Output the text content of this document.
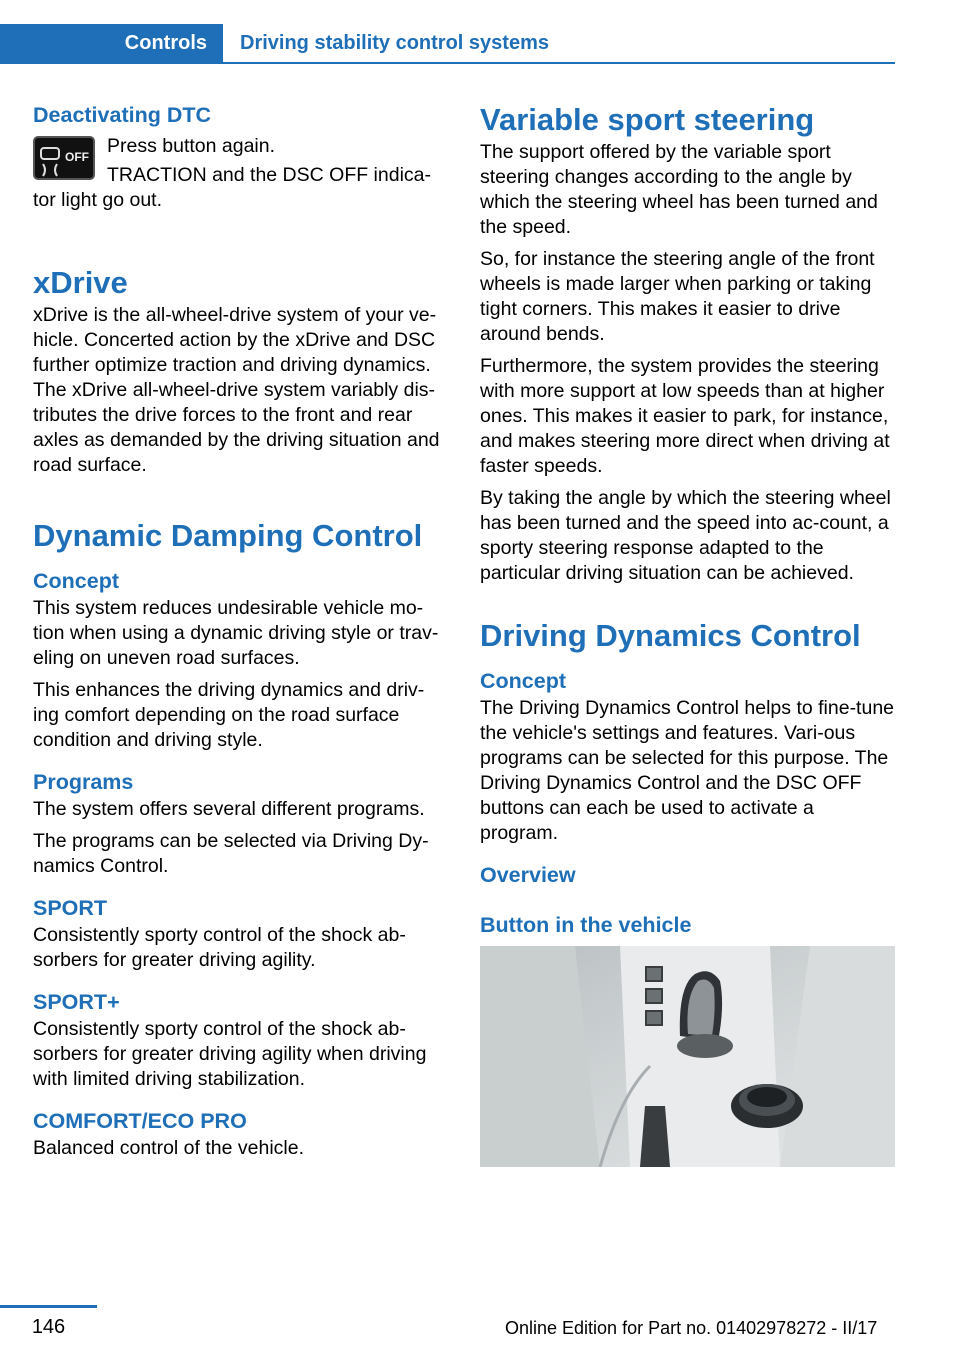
Controls	Driving stability control systems
Deactivating DTC
OFF Press button again.

TRACTION and the DSC OFF indica‐tor light go out.

xDrive

xDrive is the all-wheel-drive system of your ve‐hicle. Concerted action by the xDrive and DSC further optimize traction and driving dynamics. The xDrive all-wheel-drive system variably dis‐tributes the drive forces to the front and rear axles as demanded by the driving situation and road surface.

Dynamic Damping Control
Concept

This system reduces undesirable vehicle mo‐tion when using a dynamic driving style or trav‐eling on uneven road surfaces.

This enhances the driving dynamics and driv‐ing comfort depending on the road surface condition and driving style.

Programs

The system offers several different programs.

The programs can be selected via Driving Dy‐namics Control.

SPORT

Consistently sporty control of the shock ab‐sorbers for greater driving agility.

SPORT+

Consistently sporty control of the shock ab‐sorbers for greater driving agility when driving with limited driving stabilization.

COMFORT/ECO PRO

Balanced control of the vehicle.

Variable sport steering

The support offered by the variable sport steering changes according to the angle by which the steering wheel has been turned and the speed.

So, for instance the steering angle of the front wheels is made larger when parking or taking tight corners. This makes it easier to drive around bends.

Furthermore, the system provides the steering with more support at low speeds than at higher ones. This makes it easier to park, for instance, and makes steering more direct when driving at faster speeds.

By taking the angle by which the steering wheel has been turned and the speed into ac‐count, a sporty steering response adapted to the particular driving situation can be achieved.

Driving Dynamics Control
Concept

The Driving Dynamics Control helps to fine-tune the vehicle's settings and features. Vari‐ous programs can be selected for this purpose. The Driving Dynamics Control and the DSC OFF buttons can each be used to activate a program.

Overview
Button in the vehicle
146	Online Edition for Part no. 01402978272 - II/17
